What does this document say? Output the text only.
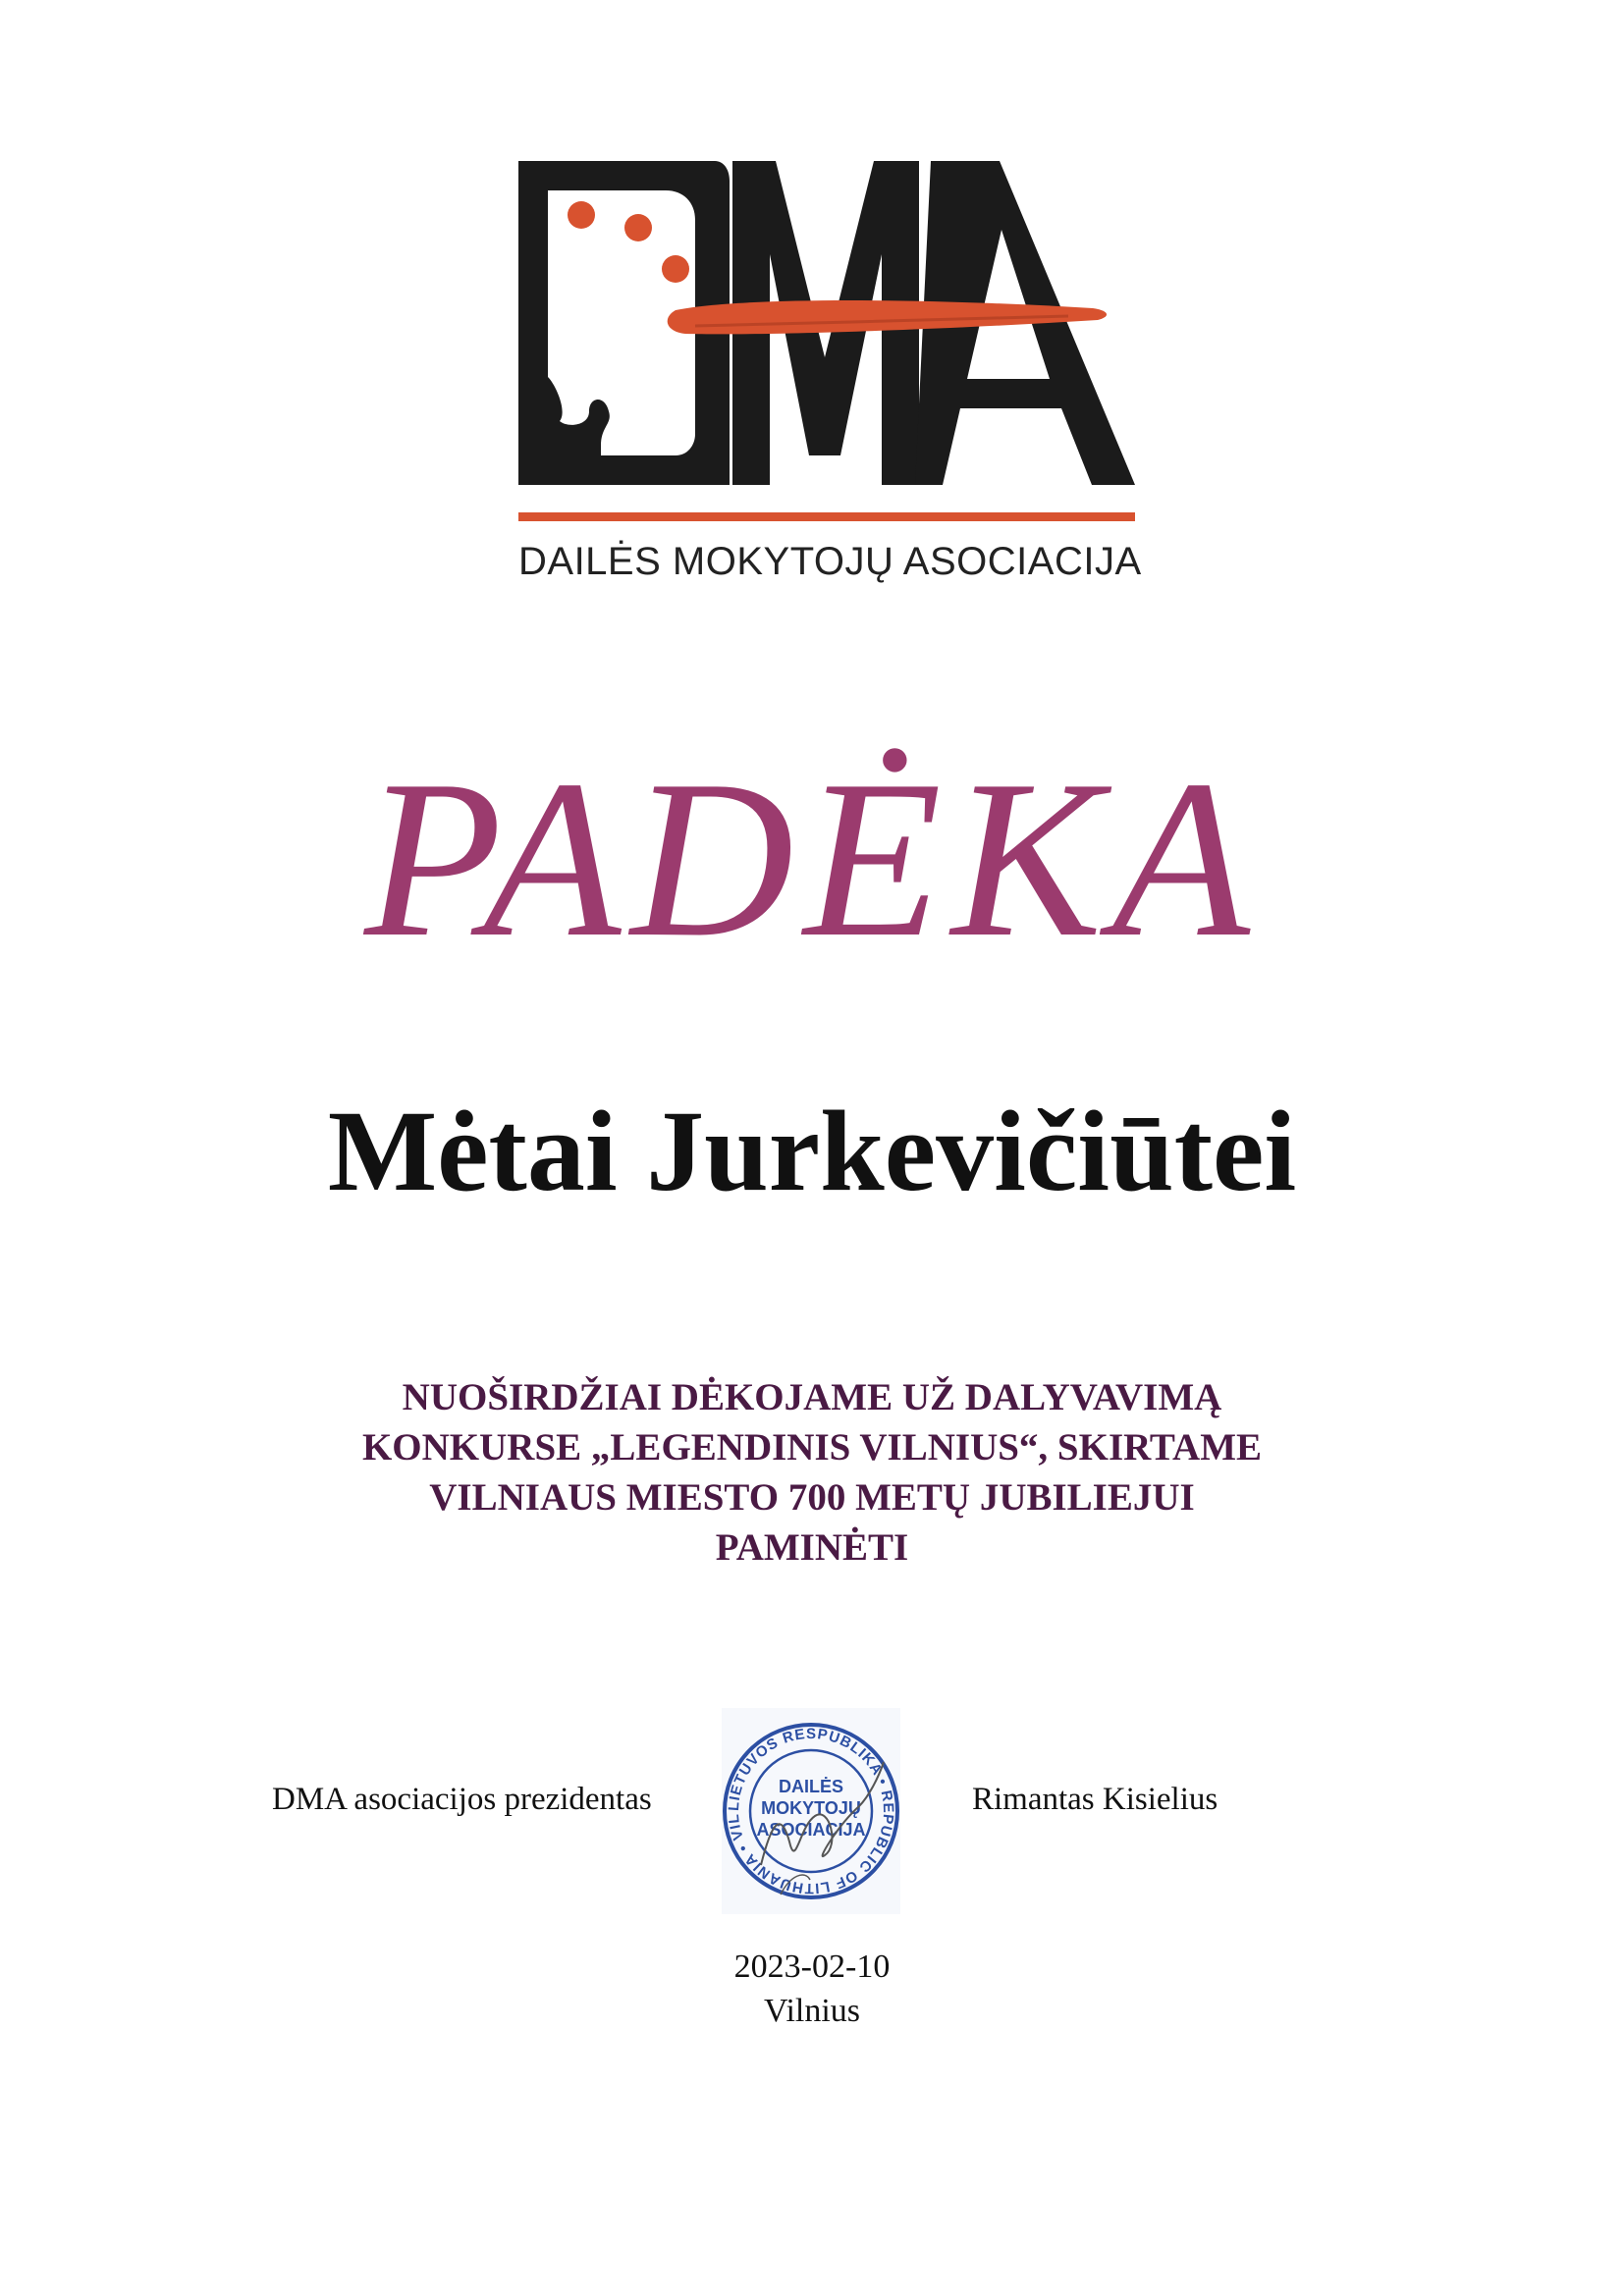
DAILĖS MOKYTOJŲ ASOCIACIJA
PADĖKA
Mėtai Jurkevičiūtei
NUOŠIRDŽIAI DĖKOJAME UŽ DALYVAVIMĄ
KONKURSE „LEGENDINIS VILNIUS“, SKIRTAME
VILNIAUS MIESTO 700 METŲ JUBILIEJUI
PAMINĖTI
DMA asociacijos prezidentas	LIETUVOS RESPUBLIKA • REPUBLIC OF LITHUANIA • VIL
DAILĖS
MOKYTOJŲ
ASOCIACIJA
Rimantas Kisielius
2023-02-10
Vilnius
